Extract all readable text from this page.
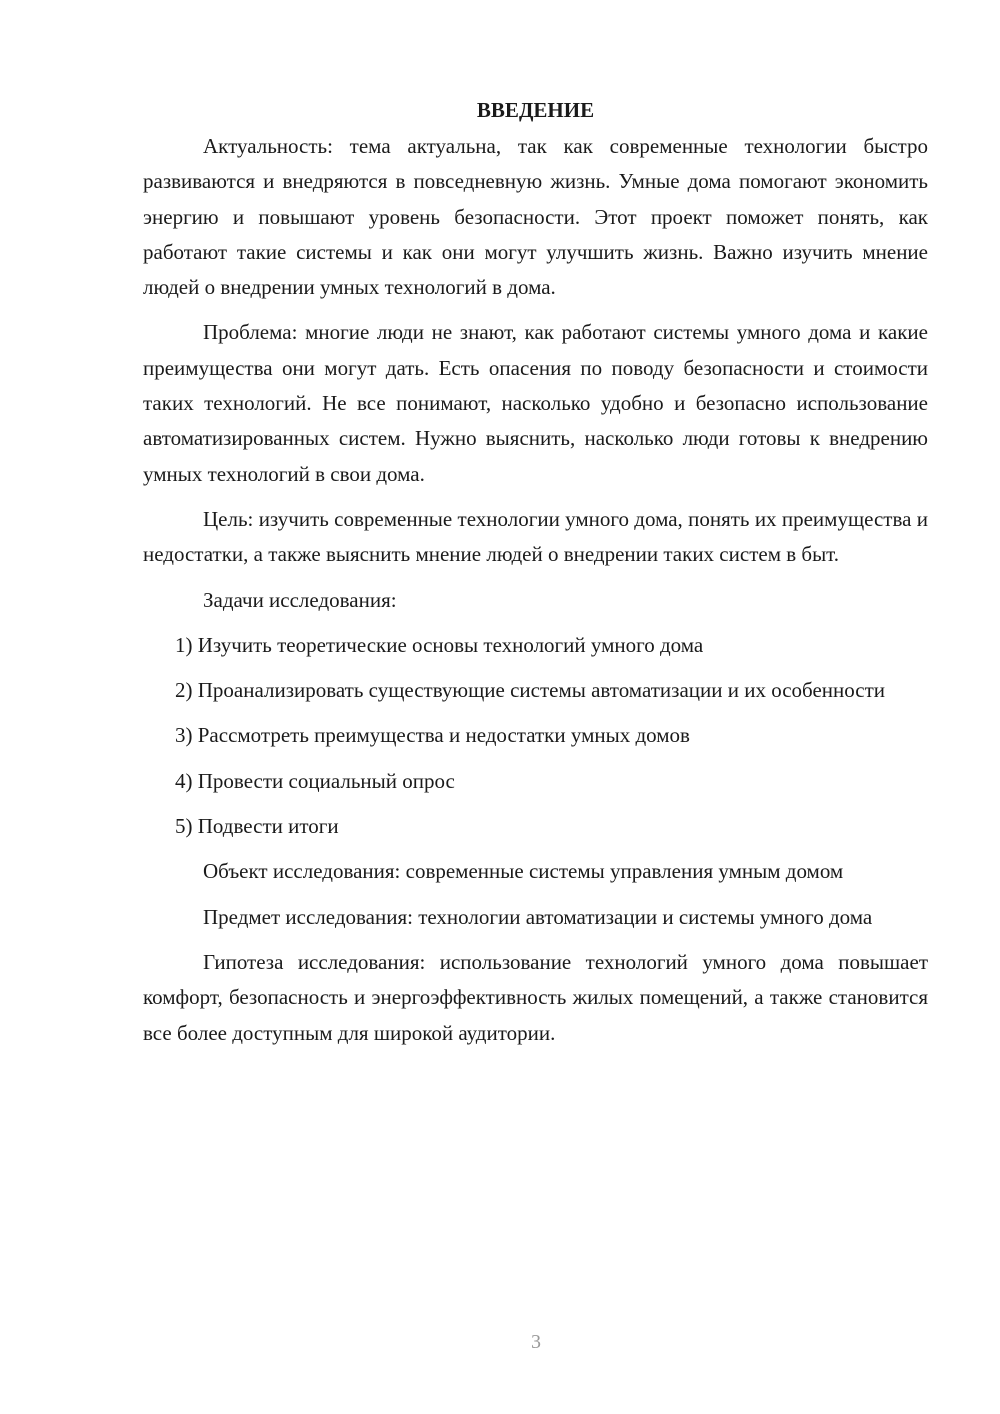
ВВЕДЕНИЕ

Актуальность: тема актуальна, так как современные технологии быстро развиваются и внедряются в повседневную жизнь. Умные дома помогают экономить энергию и повышают уровень безопасности. Этот проект поможет понять, как работают такие системы и как они могут улучшить жизнь. Важно изучить мнение людей о внедрении умных технологий в дома.

Проблема: многие люди не знают, как работают системы умного дома и какие преимущества они могут дать. Есть опасения по поводу безопасности и стоимости таких технологий. Не все понимают, насколько удобно и безопасно использование автоматизированных систем. Нужно выяснить, насколько люди готовы к внедрению умных технологий в свои дома.

Цель: изучить современные технологии умного дома, понять их преимущества и недостатки, а также выяснить мнение людей о внедрении таких систем в быт.

Задачи исследования:

1) Изучить теоретические основы технологий умного дома

2) Проанализировать существующие системы автоматизации и их особенности

3) Рассмотреть преимущества и недостатки умных домов

4) Провести социальный опрос

5) Подвести итоги

Объект исследования: современные системы управления умным домом

Предмет исследования: технологии автоматизации и системы умного дома

Гипотеза исследования: использование технологий умного дома повышает комфорт, безопасность и энергоэффективность жилых помещений, а также становится все более доступным для широкой аудитории.

3
